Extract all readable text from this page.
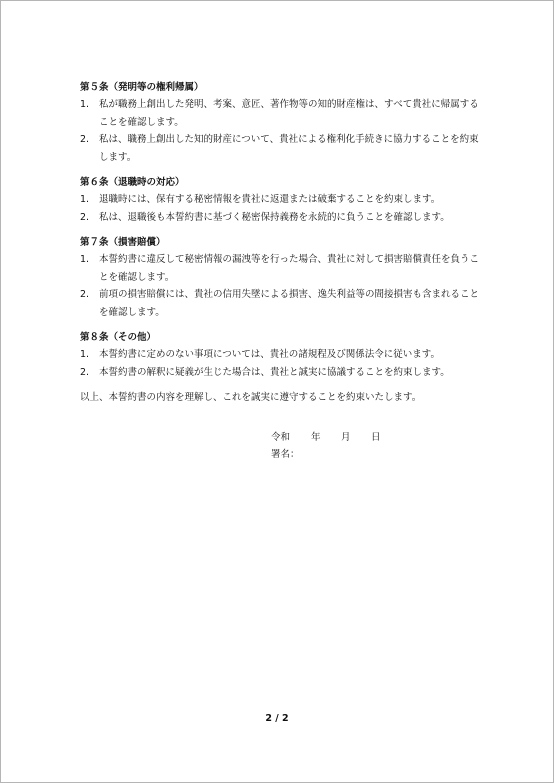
第５条（発明等の権利帰属）
1.	私が職務上創出した発明、考案、意匠、著作物等の知的財産権は、すべて貴社に帰属することを確認します。
2.	私は、職務上創出した知的財産について、貴社による権利化手続きに協力することを約束します。
第６条（退職時の対応）
1.	退職時には、保有する秘密情報を貴社に返還または破棄することを約束します。
2.	私は、退職後も本誓約書に基づく秘密保持義務を永続的に負うことを確認します。
第７条（損害賠償）
1.	本誓約書に違反して秘密情報の漏洩等を行った場合、貴社に対して損害賠償責任を負うことを確認します。
2.	前項の損害賠償には、貴社の信用失墜による損害、逸失利益等の間接損害も含まれることを確認します。
第８条（その他）
1.	本誓約書に定めのない事項については、貴社の諸規程及び関係法令に従います。
2.	本誓約書の解釈に疑義が生じた場合は、貴社と誠実に協議することを約束します。
以上、本誓約書の内容を理解し、これを誠実に遵守することを約束いたします。
令和 年 月 日
署名：
2 / 2
